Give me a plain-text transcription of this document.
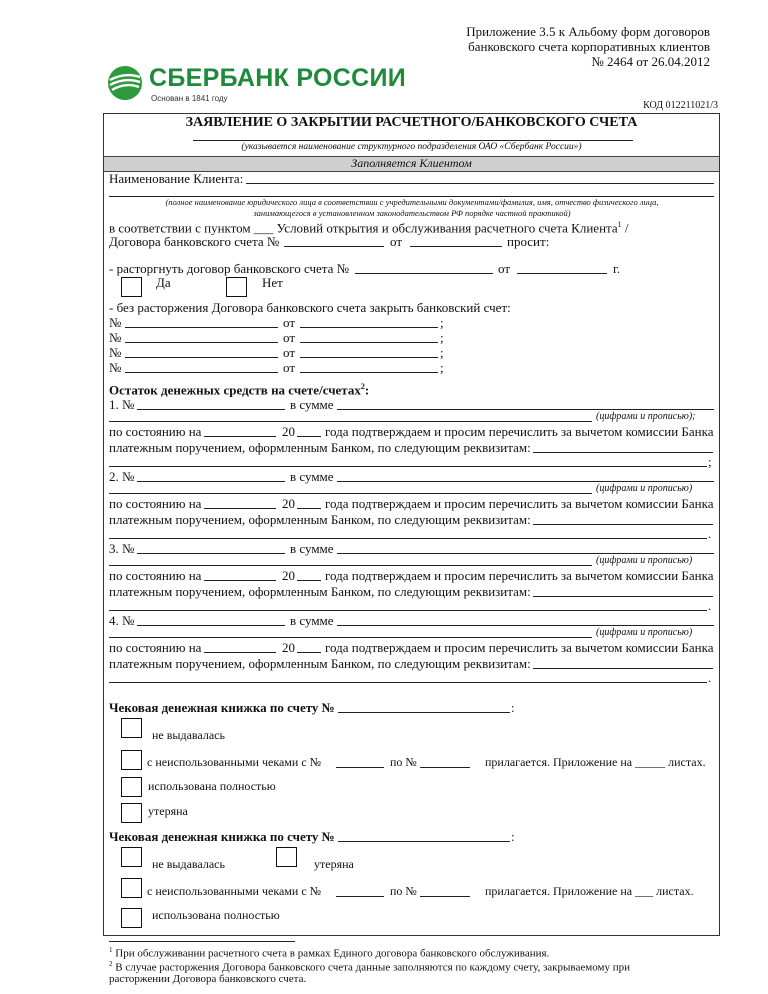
Приложение 3.5 к Альбому форм договоров
банковского счета корпоративных клиентов
№ 2464 от 26.04.2012
КОД 012211021/3
СБЕРБАНК РОССИИ
Основан в 1841 году
ЗАЯВЛЕНИЕ О ЗАКРЫТИИ РАСЧЕТНОГО/БАНКОВСКОГО СЧЕТА
(указывается наименование структурного подразделения ОАО «Сбербанк России»)
Заполняется Клиентом
Наименование Клиента:
(полное наименование юридического лица в соответствии с учредительными документами/фамилия, имя, отчество физического лица,
занимающегося в установленном законодательством РФ порядке частной практикой)
в соответствии с пунктом ___ Условий открытия и обслуживания расчетного счета Клиента$^1$ /
Договора банковского счета №	от	просит:
- расторгнуть договор банковского счета №	от	г.
Да	Нет
- без расторжения Договора банковского счета закрыть банковский счет:
№	от	;
№	от	;
№	от	;
№	от	;
Остаток денежных средств на счете/счетах$^2$:
1. №	в сумме
(цифрами и прописью);
по состоянию на	20 года подтверждаем и просим перечислить за вычетом комиссии Банка
платежным поручением, оформленным Банком, по следующим реквизитам:
;
2. №	в сумме
(цифрами и прописью)
по состоянию на	20 года подтверждаем и просим перечислить за вычетом комиссии Банка
платежным поручением, оформленным Банком, по следующим реквизитам:
.
3. №	в сумме
(цифрами и прописью)
по состоянию на	20 года подтверждаем и просим перечислить за вычетом комиссии Банка
платежным поручением, оформленным Банком, по следующим реквизитам:
.
4. №	в сумме
(цифрами и прописью)
по состоянию на	20 года подтверждаем и просим перечислить за вычетом комиссии Банка
платежным поручением, оформленным Банком, по следующим реквизитам:
.
Чековая денежная книжка по счету №	:
не выдавалась
с неиспользованными чеками с №	по №	прилагается. Приложение на _____ листах.
использована полностью
утеряна
Чековая денежная книжка по счету №	:
не выдавалась	утеряна
с неиспользованными чеками с №	по №	прилагается. Приложение на ___ листах.
использована полностью
$^1$ При обслуживании расчетного счета в рамках Единого договора банковского обслуживания.
$^2$ В случае расторжения Договора банковского счета данные заполняются по каждому счету, закрываемому при
расторжении Договора банковского счета.
